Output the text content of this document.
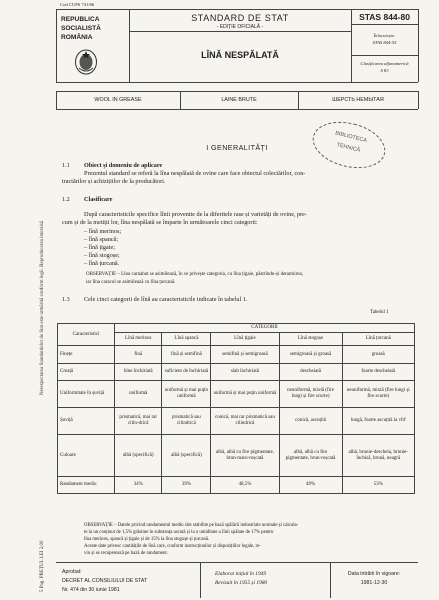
Cod CUPS 741/66
REPUBLICA
SOCIALISTĂ
ROMÂNIA
STANDARD DE STAT
- EDIȚIE OFICIALĂ -
LÎNĂ NESPĂLATĂ
STAS 844-80
Înlocuiește:
STAS 844-55
Clasificarea alfanumerică
S 83
WOOL IN GREASE	LAINE BRUTE	ШЕРСТЬ НЕМЫТАЯ
BIBLIOTECA
TEHNICĂ
I GENERALITĂȚI
1.1 Obiect și domeniu de aplicare
Prezentul standard se referă la lîna nespălată de ovine care face obiectul colectărilor, con-
tractărilor și achizițiilor de la producători.
1.2 Clasificare
După caracteristicile specifice lînii provenite de la diferitele rase și varietăți de ovine, pre-
cum și de la metiții lor, lîna nespălată se împarte în următoarele cinci categorii:
– lînă merinos;
– lînă spancă;
– lînă țigaie;
– lînă stogoșe;
– lînă țurcană.
OBSERVAȚIE – Lîna carnabat se asimilează, în ce privește categoria, cu lîna țigaie, păstrîndu-și denumirea,
iar lîna caracul se asimilează cu lîna țurcană.
1.3 Cele cinci categorii de lînă au caracteristicile indicate în tabelul 1.
Tabelul 1
Caracteristici	CATEGORII				
	Lînă merinos	Lînă spancă	Lînă țigaie	Lînă stogoșe	Lînă țurcană
Finețe	fină	fină și semifină	semifină și semigroasă	semigroasă și groasă	groasă
Creață	bine închiriată	suficient de închiriată	slab închiriată	descheiată	foarte descheiată
Uniformitate în șuviță	uniformă	uniformă și mai puțin uniformă	uniformă și mai puțin uniformă	neuniformă, mixtă (fire lungi și fire scurte)	neuniformă, mixtă (fire lungi și fire scurte)
Șuviță	prismatică, mai rar cilin-drică	prismatică sau cilindrică	conică, mai rar prismatică sau cilindrică	conică, ascuțită	lungă, foarte ascuțită la vîrf
Culoare	albă (specifică)	albă (specifică)	albă, albă cu fire pigmentate, brun-maro-roșcată	albă, albă cu fire pigmentate, brun-roșcată	albă, brunie-descheia, brunie-închisă, brună, neagră
Randament mediu	34%	39%	48,5%	49%	53%
OBSERVAȚIE – Datele privind randamentul mediu sînt stabilite pe bază spălării industriale normale și calcula-
te la un conținut de 1,5% grăsime în substanța uscată și la o umiditate a lînii spălate de 17% pentru
lîna merinos, spancă și țigaie și de 15% la lîna stogoșe și țurcană.
Aceste date privesc cantitățile de lînă care, conform instrucțiunilor și dispozițiilor legale, re-
vin și se recuperează pe bază de randament.
Aprobat:
DECRET AL CONSILIULUI DE STAT
Nr. 474 din 30 iunie 1981
Elaborat inițial în 1949
Revizuit în 1955 și 1980
Data intrării în vigoare:
1981-12-30
Nerespectarea Standardelor de Stat este urmărită conform legii. Reproducerea interzisă
5 Pag. PREȚUL LEI 2,00
